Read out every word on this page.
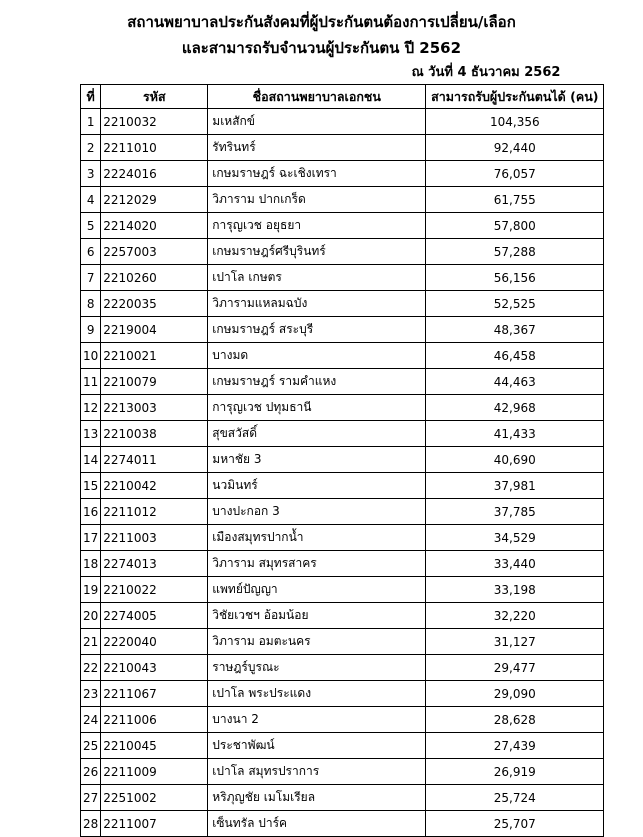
สถานพยาบาลประกันสังคมที่ผู้ประกันตนต้องการเปลี่ยน/เลือก
และสามารถรับจำนวนผู้ประกันตน ปี 2562
ณ วันที่ 4 ธันวาคม 2562
ที่	รหัส	ชื่อสถานพยาบาลเอกชน	สามารถรับผู้ประกันตนได้ (คน)
1	2210032	มเหสักข์	104,356
2	2211010	รัทรินทร์	92,440
3	2224016	เกษมราษฎร์ ฉะเชิงเทรา	76,057
4	2212029	วิภาราม ปากเกร็ด	61,755
5	2214020	การุญเวช อยุธยา	57,800
6	2257003	เกษมราษฎร์ศรีบุรินทร์	57,288
7	2210260	เปาโล เกษตร	56,156
8	2220035	วิภารามแหลมฉบัง	52,525
9	2219004	เกษมราษฎร์ สระบุรี	48,367
10	2210021	บางมด	46,458
11	2210079	เกษมราษฎร์ รามคำแหง	44,463
12	2213003	การุญเวช ปทุมธานี	42,968
13	2210038	สุขสวัสดิ์	41,433
14	2274011	มหาชัย 3	40,690
15	2210042	นวมินทร์	37,981
16	2211012	บางปะกอก 3	37,785
17	2211003	เมืองสมุทรปากน้ำ	34,529
18	2274013	วิภาราม สมุทรสาคร	33,440
19	2210022	แพทย์ปัญญา	33,198
20	2274005	วิชัยเวชฯ อ้อมน้อย	32,220
21	2220040	วิภาราม อมตะนคร	31,127
22	2210043	ราษฎร์บูรณะ	29,477
23	2211067	เปาโล พระประแดง	29,090
24	2211006	บางนา 2	28,628
25	2210045	ประชาพัฒน์	27,439
26	2211009	เปาโล สมุทรปราการ	26,919
27	2251002	หริภุญชัย เมโมเรียล	25,724
28	2211007	เซ็นทรัล ปาร์ค	25,707
